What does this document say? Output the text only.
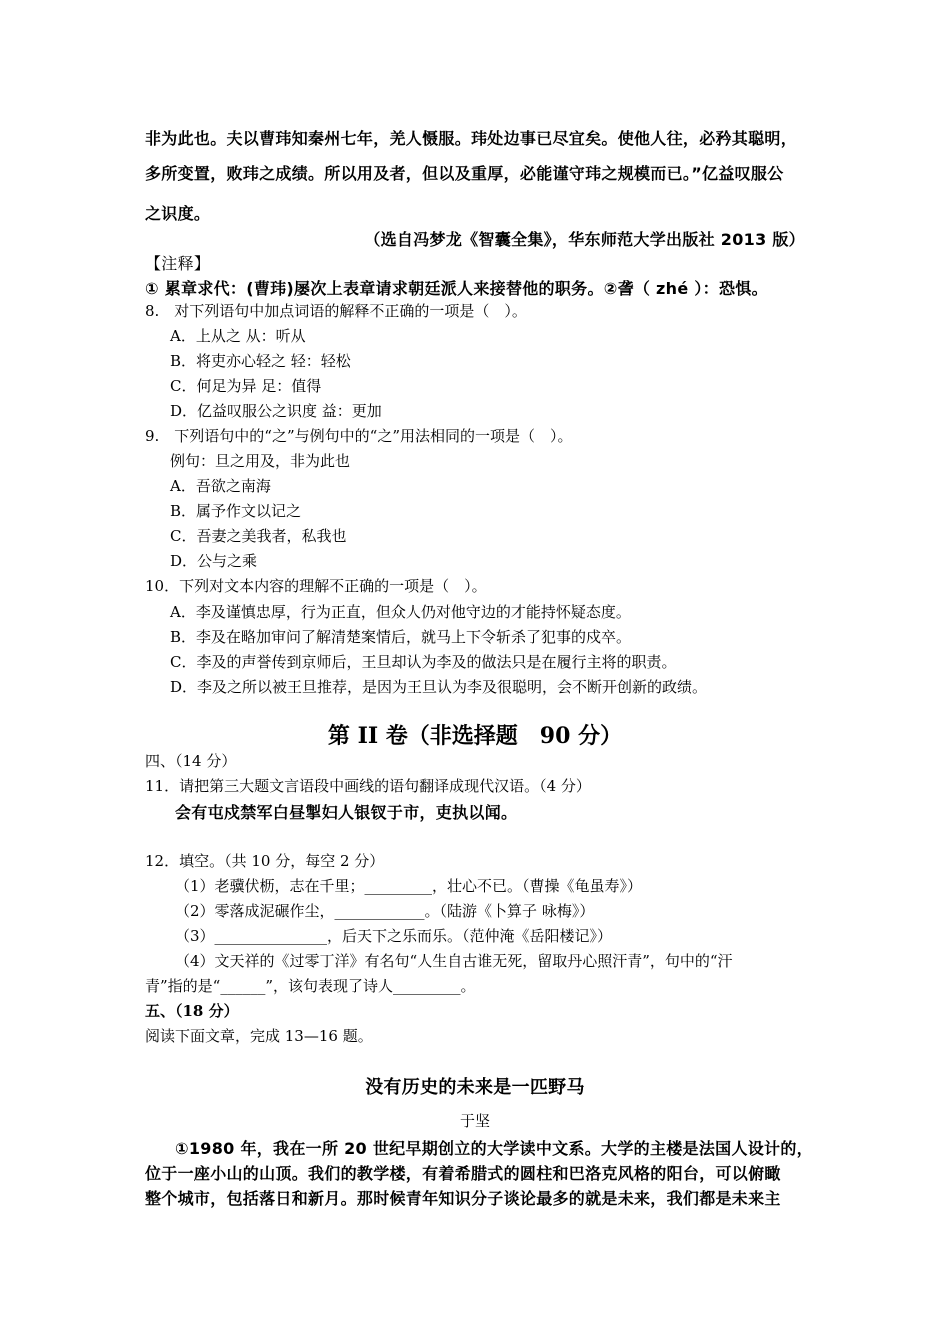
非为此也。夫以曹玮知秦州七年，羌人慑服。玮处边事已尽宜矣。使他人往，必矜其聪明，
多所变置，败玮之成绩。所以用及者，但以及重厚，必能谨守玮之规模而已。”亿益叹服公
之识度。
（选自冯梦龙《智囊全集》，华东师范大学出版社 2013 版）
【注释】
① 累章求代：(曹玮)屡次上表章请求朝廷派人来接替他的职务。②詟（ zhé ）：恐惧。
8.　对下列语句中加点词语的解释不正确的一项是（　）。
A．上从之 从：听从
B．将吏亦心轻之 轻：轻松
C．何足为异 足：值得
D．亿益叹服公之识度 益：更加
9.　下列语句中的“之”与例句中的“之”用法相同的一项是（　）。
例句：旦之用及，非为此也
A．吾欲之南海
B．属予作文以记之
C．吾妻之美我者，私我也
D．公与之乘
10．下列对文本内容的理解不正确的一项是（　）。
A．李及谨慎忠厚，行为正直，但众人仍对他守边的才能持怀疑态度。
B．李及在略加审问了解清楚案情后，就马上下令斩杀了犯事的戍卒。
C．李及的声誉传到京师后，王旦却认为李及的做法只是在履行主将的职责。
D．李及之所以被王旦推荐，是因为王旦认为李及很聪明，会不断开创新的政绩。
第 II 卷（非选择题　90 分）
四、（14 分）
11．请把第三大题文言语段中画线的语句翻译成现代汉语。（4 分）
会有屯戍禁军白昼掣妇人银钗于市，吏执以闻。
12．填空。（共 10 分，每空 2 分）
（1）老骥伏枥，志在千里；_________，壮心不已。（曹操《龟虽寿》）
（2）零落成泥碾作尘，____________。（陆游《卜算子 咏梅》）
（3）_______________，后天下之乐而乐。（范仲淹《岳阳楼记》）
（4）文天祥的《过零丁洋》有名句“人生自古谁无死，留取丹心照汗青”，句中的“汗
青”指的是“______”，该句表现了诗人_________。
五、（18 分）
阅读下面文章，完成 13—16 题。
没有历史的未来是一匹野马
于坚
①1980 年，我在一所 20 世纪早期创立的大学读中文系。大学的主楼是法国人设计的，
位于一座小山的山顶。我们的教学楼，有着希腊式的圆柱和巴洛克风格的阳台，可以俯瞰
整个城市，包括落日和新月。那时候青年知识分子谈论最多的就是未来，我们都是未来主
